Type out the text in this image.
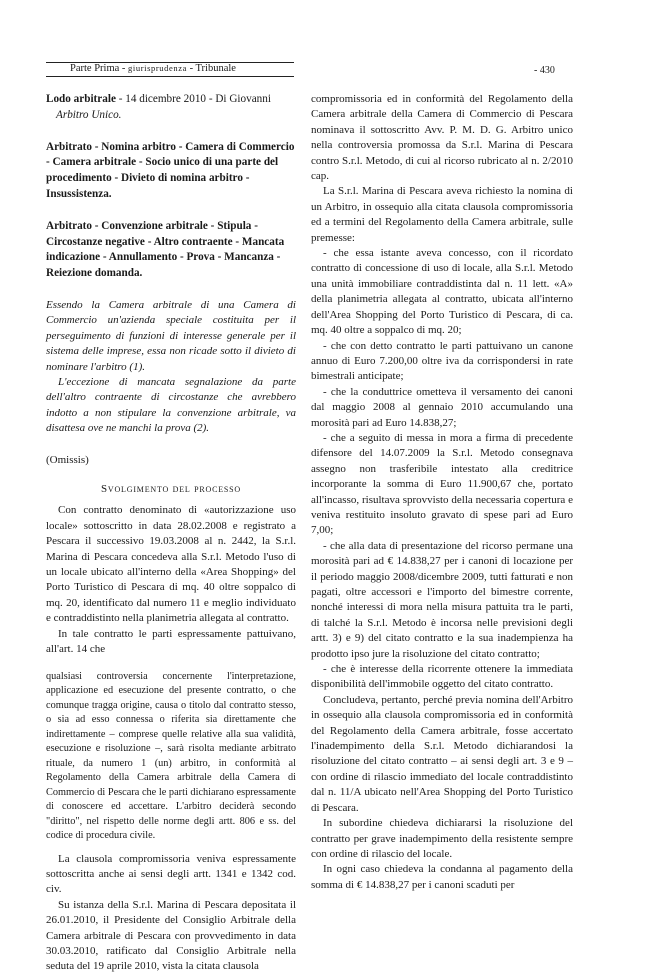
Parte Prima - giurisprudenza - Tribunale	- 430

Lodo arbitrale - 14 dicembre 2010 - Di Giovanni
Arbitro Unico.

Arbitrato - Nomina arbitro - Camera di Commercio - Camera arbitrale - Socio unico di una parte del procedimento - Divieto di nomina arbitro - Insussistenza.

Arbitrato - Convenzione arbitrale - Stipula - Circostanze negative - Altro contraente - Mancata indicazione - Annullamento - Prova - Mancanza - Reiezione domanda.

Essendo la Camera arbitrale di una Camera di Commercio un'azienda speciale costituita per il perseguimento di funzioni di interesse generale per il sistema delle imprese, essa non ricade sotto il divieto di nominare l'arbitro (1).

L'eccezione di mancata segnalazione da parte dell'altro contraente di circostanze che avrebbero indotto a non stipulare la convenzione arbitrale, va disattesa ove ne manchi la prova (2).

(Omissis)

Svolgimento del processo

Con contratto denominato di «autorizzazione uso locale» sottoscritto in data 28.02.2008 e registrato a Pescara il successivo 19.03.2008 al n. 2442, la S.r.l. Marina di Pescara concedeva alla S.r.l. Metodo l'uso di un locale ubicato all'interno della «Area Shopping» del Porto Turistico di Pescara di mq. 40 oltre soppalco di mq. 20, identificato dal numero 11 e meglio individuato e contraddistinto nella planimetria allegata al contratto.

In tale contratto le parti espressamente pattuivano, all'art. 14 che

qualsiasi controversia concernente l'interpretazione, applicazione ed esecuzione del presente contratto, o che comunque tragga origine, causa o titolo dal contratto stesso, o sia ad esso connessa o riferita sia direttamente che indirettamente – comprese quelle relative alla sua validità, esecuzione e risoluzione –, sarà risolta mediante arbitrato rituale, da numero 1 (un) arbitro, in conformità al Regolamento della Camera arbitrale della Camera di Commercio di Pescara che le parti dichiarano espressamente di conoscere ed accettare. L'arbitro deciderà secondo "diritto", nel rispetto delle norme degli artt. 806 e ss. del codice di procedura civile.

La clausola compromissoria veniva espressamente sottoscritta anche ai sensi degli artt. 1341 e 1342 cod. civ.

Su istanza della S.r.l. Marina di Pescara depositata il 26.01.2010, il Presidente del Consiglio Arbitrale della Camera arbitrale di Pescara con provvedimento in data 30.03.2010, ratificato dal Consiglio Arbitrale nella seduta del 19 aprile 2010, vista la citata clausola

compromissoria ed in conformità del Regolamento della Camera arbitrale della Camera di Commercio di Pescara nominava il sottoscritto Avv. P. M. D. G. Arbitro unico nella controversia promossa da S.r.l. Marina di Pescara contro S.r.l. Metodo, di cui al ricorso rubricato al n. 2/2010 cap.

La S.r.l. Marina di Pescara aveva richiesto la nomina di un Arbitro, in ossequio alla citata clausola compromissoria ed a termini del Regolamento della Camera arbitrale, sulle premesse:

- che essa istante aveva concesso, con il ricordato contratto di concessione di uso di locale, alla S.r.l. Metodo una unità immobiliare contraddistinta dal n. 11 lett. «A» della planimetria allegata al contratto, ubicata all'interno dell'Area Shopping del Porto Turistico di Pescara, di ca. mq. 40 oltre a soppalco di mq. 20;

- che con detto contratto le parti pattuivano un canone annuo di Euro 7.200,00 oltre iva da corrispondersi in rate bimestrali anticipate;

- che la conduttrice ometteva il versamento dei canoni dal maggio 2008 al gennaio 2010 accumulando una morosità pari ad Euro 14.838,27;

- che a seguito di messa in mora a firma di precedente difensore del 14.07.2009 la S.r.l. Metodo consegnava assegno non trasferibile intestato alla creditrice incorporante la somma di Euro 11.900,67 che, portato all'incasso, risultava sprovvisto della necessaria copertura e veniva restituito insoluto gravato di spese pari ad Euro 7,00;

- che alla data di presentazione del ricorso permane una morosità pari ad € 14.838,27 per i canoni di locazione per il periodo maggio 2008/dicembre 2009, tutti fatturati e non pagati, oltre accessori e l'importo del bimestre corrente, nonché interessi di mora nella misura pattuita tra le parti, di talché la S.r.l. Metodo è incorsa nelle previsioni degli artt. 3) e 9) del citato contratto e la sua inadempienza ha prodotto ipso jure la risoluzione del citato contratto;

- che è interesse della ricorrente ottenere la immediata disponibilità dell'immobile oggetto del citato contratto.

Concludeva, pertanto, perché previa nomina dell'Arbitro in ossequio alla clausola compromissoria ed in conformità del Regolamento della Camera arbitrale, fosse accertato l'inadempimento della S.r.l. Metodo dichiarandosi la risoluzione del citato contratto – ai sensi degli art. 3 e 9 – con ordine di rilascio immediato del locale contraddistinto dal n. 11/A ubicato nell'Area Shopping del Porto Turistico di Pescara.

In subordine chiedeva dichiararsi la risoluzione del contratto per grave inadempimento della resistente sempre con ordine di rilascio del locale.

In ogni caso chiedeva la condanna al pagamento della somma di € 14.838,27 per i canoni scaduti per
